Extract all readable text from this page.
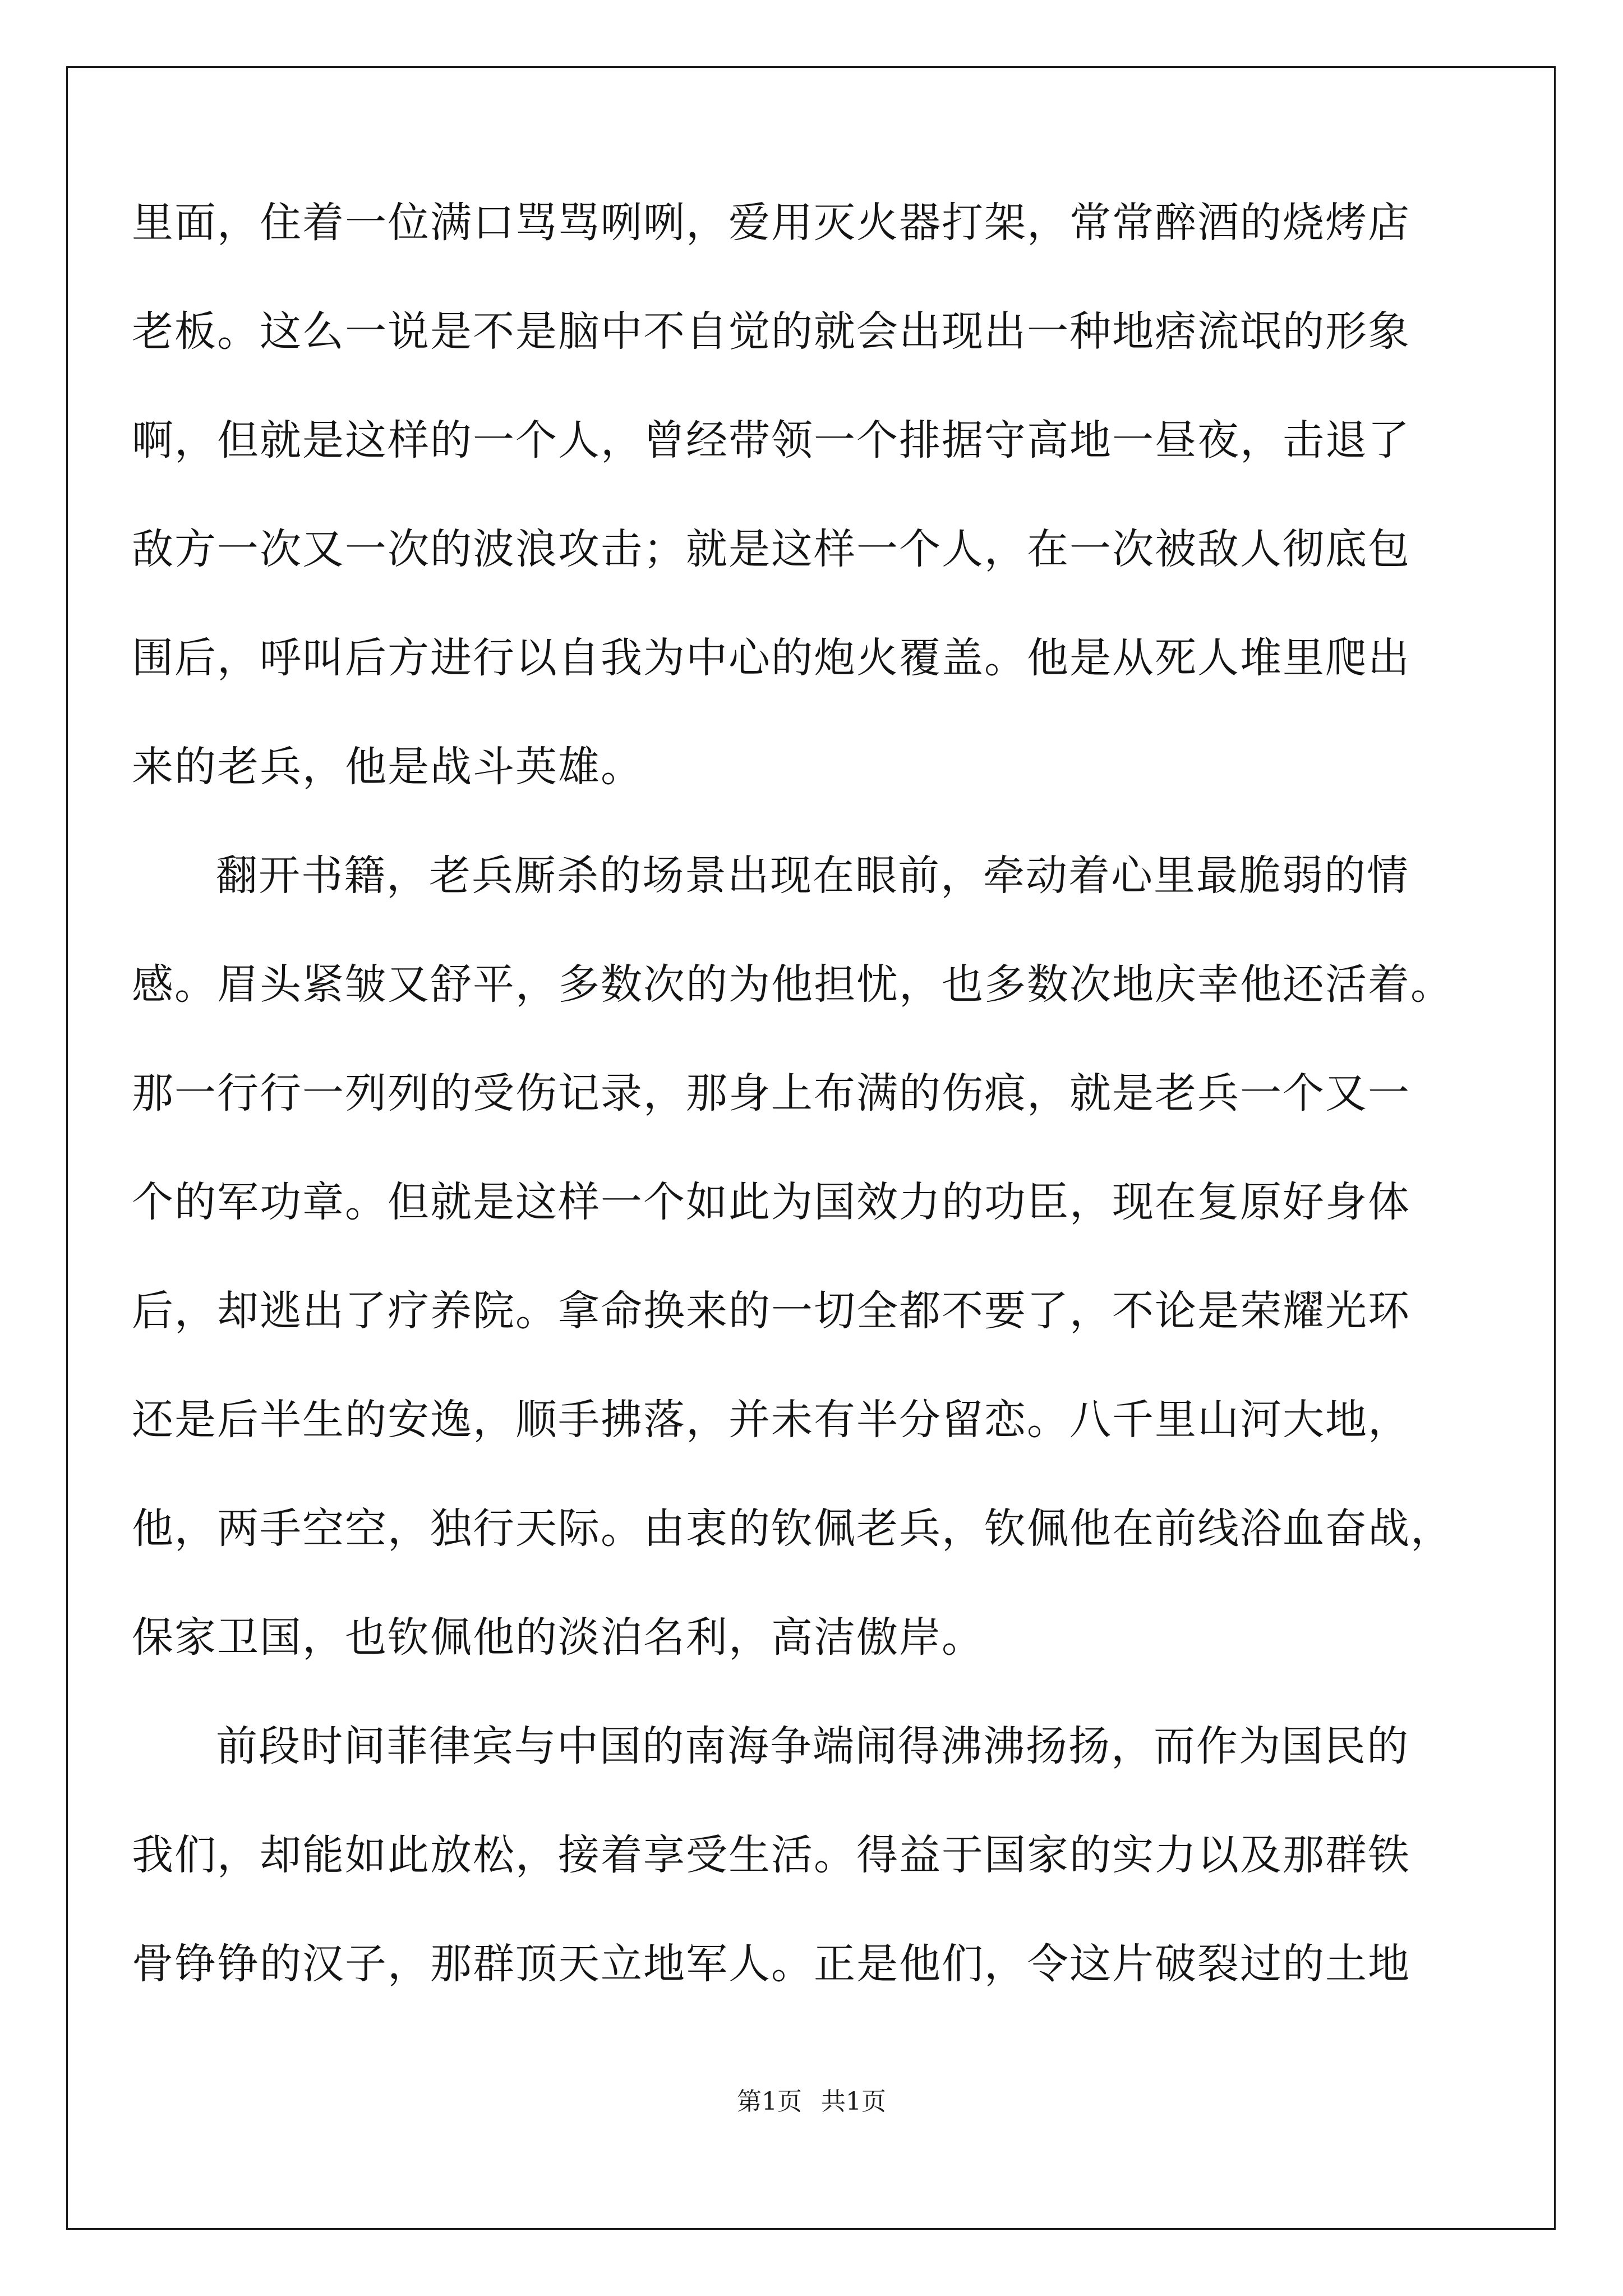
里面，住着一位满口骂骂咧咧，爱用灭火器打架，常常醉酒的烧烤店
老板。这么一说是不是脑中不自觉的就会出现出一种地痞流氓的形象
啊，但就是这样的一个人，曾经带领一个排据守高地一昼夜，击退了
敌方一次又一次的波浪攻击；就是这样一个人，在一次被敌人彻底包
围后，呼叫后方进行以自我为中心的炮火覆盖。他是从死人堆里爬出
来的老兵，他是战斗英雄。
翻开书籍，老兵厮杀的场景出现在眼前，牵动着心里最脆弱的情
感。眉头紧皱又舒平，多数次的为他担忧，也多数次地庆幸他还活着。
那一行行一列列的受伤记录，那身上布满的伤痕，就是老兵一个又一
个的军功章。但就是这样一个如此为国效力的功臣，现在复原好身体
后，却逃出了疗养院。拿命换来的一切全都不要了，不论是荣耀光环
还是后半生的安逸，顺手拂落，并未有半分留恋。八千里山河大地，
他，两手空空，独行天际。由衷的钦佩老兵，钦佩他在前线浴血奋战，
保家卫国，也钦佩他的淡泊名利，高洁傲岸。
前段时间菲律宾与中国的南海争端闹得沸沸扬扬，而作为国民的
我们，却能如此放松，接着享受生活。得益于国家的实力以及那群铁
骨铮铮的汉子，那群顶天立地军人。正是他们，令这片破裂过的土地
第1页 共1页
